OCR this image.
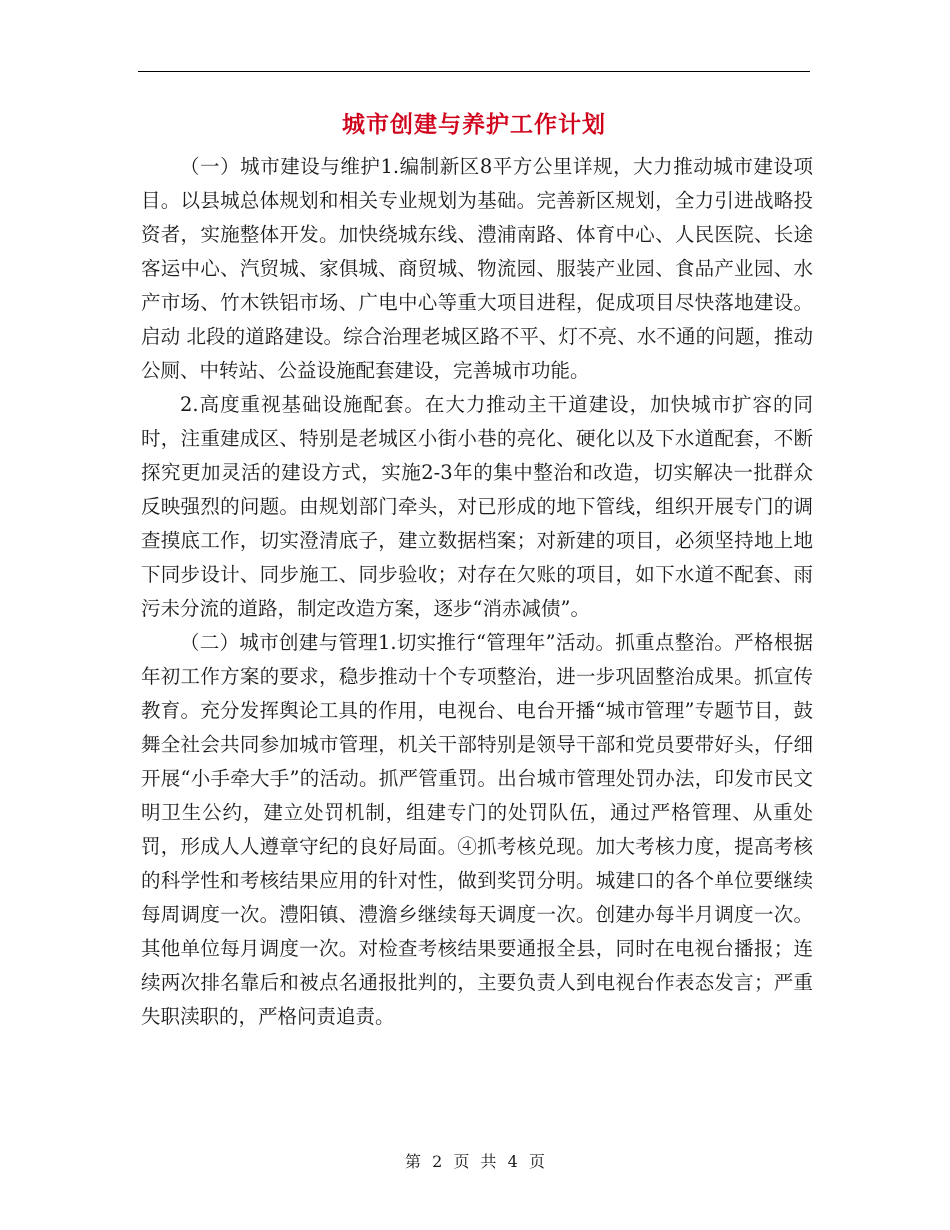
城市创建与养护工作计划

（一）城市建设与维护1.编制新区8平方公里详规，大力推动城市建设项目。以县城总体规划和相关专业规划为基础。完善新区规划，全力引进战略投资者，实施整体开发。加快绕城东线、澧浦南路、体育中心、人民医院、长途客运中心、汽贸城、家俱城、商贸城、物流园、服装产业园、食品产业园、水产市场、竹木铁铝市场、广电中心等重大项目进程，促成项目尽快落地建设。启动 北段的道路建设。综合治理老城区路不平、灯不亮、水不通的问题，推动公厕、中转站、公益设施配套建设，完善城市功能。

2.高度重视基础设施配套。在大力推动主干道建设，加快城市扩容的同时，注重建成区、特别是老城区小街小巷的亮化、硬化以及下水道配套，不断探究更加灵活的建设方式，实施2-3年的集中整治和改造，切实解决一批群众反映强烈的问题。由规划部门牵头，对已形成的地下管线，组织开展专门的调查摸底工作，切实澄清底子，建立数据档案；对新建的项目，必须坚持地上地下同步设计、同步施工、同步验收；对存在欠账的项目，如下水道不配套、雨污未分流的道路，制定改造方案，逐步“消赤减债”。

（二）城市创建与管理1.切实推行“管理年”活动。抓重点整治。严格根据年初工作方案的要求，稳步推动十个专项整治，进一步巩固整治成果。抓宣传教育。充分发挥舆论工具的作用，电视台、电台开播“城市管理”专题节目，鼓舞全社会共同参加城市管理，机关干部特别是领导干部和党员要带好头，仔细开展“小手牵大手”的活动。抓严管重罚。出台城市管理处罚办法，印发市民文明卫生公约，建立处罚机制，组建专门的处罚队伍，通过严格管理、从重处罚，形成人人遵章守纪的良好局面。④抓考核兑现。加大考核力度，提高考核的科学性和考核结果应用的针对性，做到奖罚分明。城建口的各个单位要继续每周调度一次。澧阳镇、澧澹乡继续每天调度一次。创建办每半月调度一次。其他单位每月调度一次。对检查考核结果要通报全县，同时在电视台播报；连续两次排名靠后和被点名通报批判的，主要负责人到电视台作表态发言；严重失职渎职的，严格问责追责。

第 2 页 共 4 页
